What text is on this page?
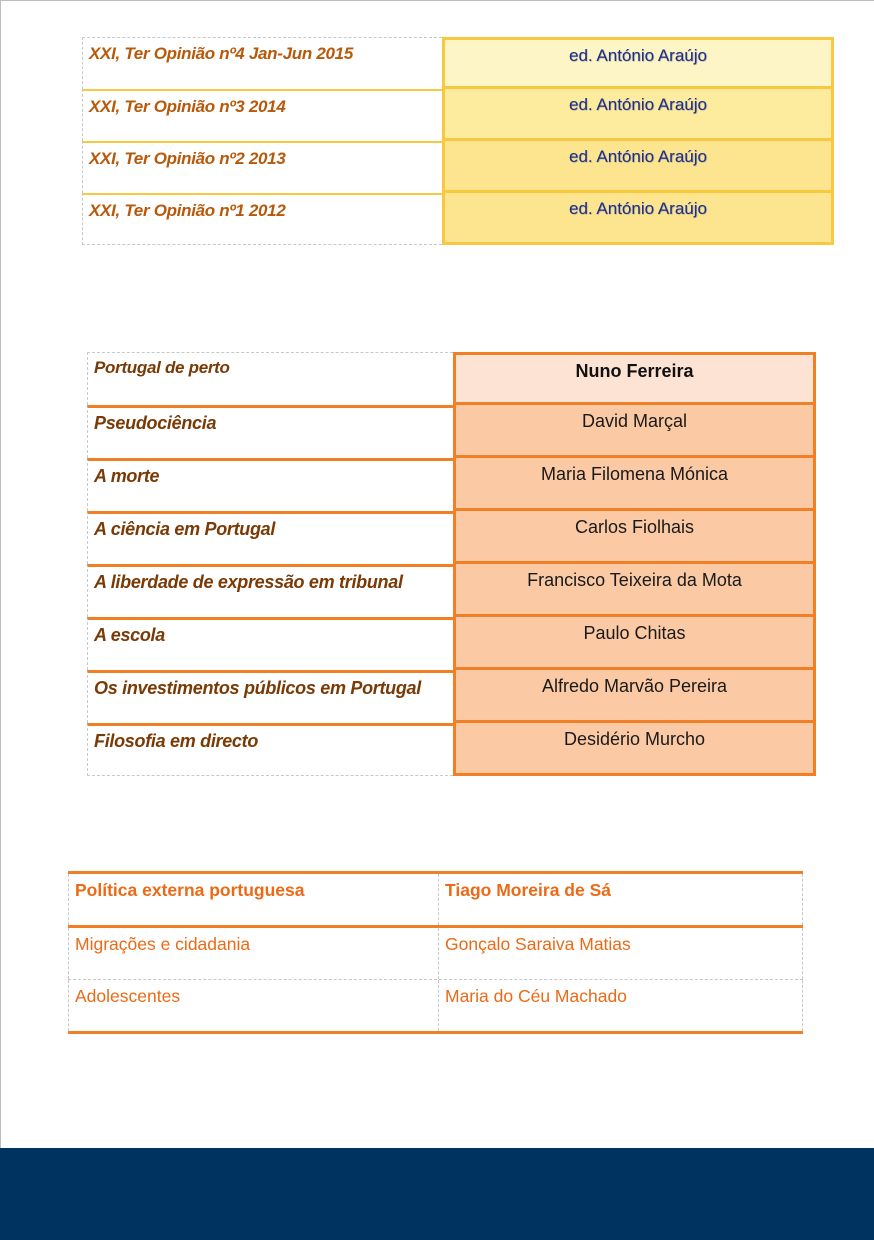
XXI, Ter Opinião nº4 Jan-Jun 2015	ed. António Araújo
XXI, Ter Opinião nº3 2014	ed. António Araújo
XXI, Ter Opinião nº2 2013	ed. António Araújo
XXI, Ter Opinião nº1 2012	ed. António Araújo
Portugal de perto	Nuno Ferreira
Pseudociência	David Marçal
A morte	Maria Filomena Mónica
A ciência em Portugal	Carlos Fiolhais
A liberdade de expressão em tribunal	Francisco Teixeira da Mota
A escola	Paulo Chitas
Os investimentos públicos em Portugal	Alfredo Marvão Pereira
Filosofia em directo	Desidério Murcho
Política externa portuguesa	Tiago Moreira de Sá
Migrações e cidadania	Gonçalo Saraiva Matias
Adolescentes	Maria do Céu Machado
